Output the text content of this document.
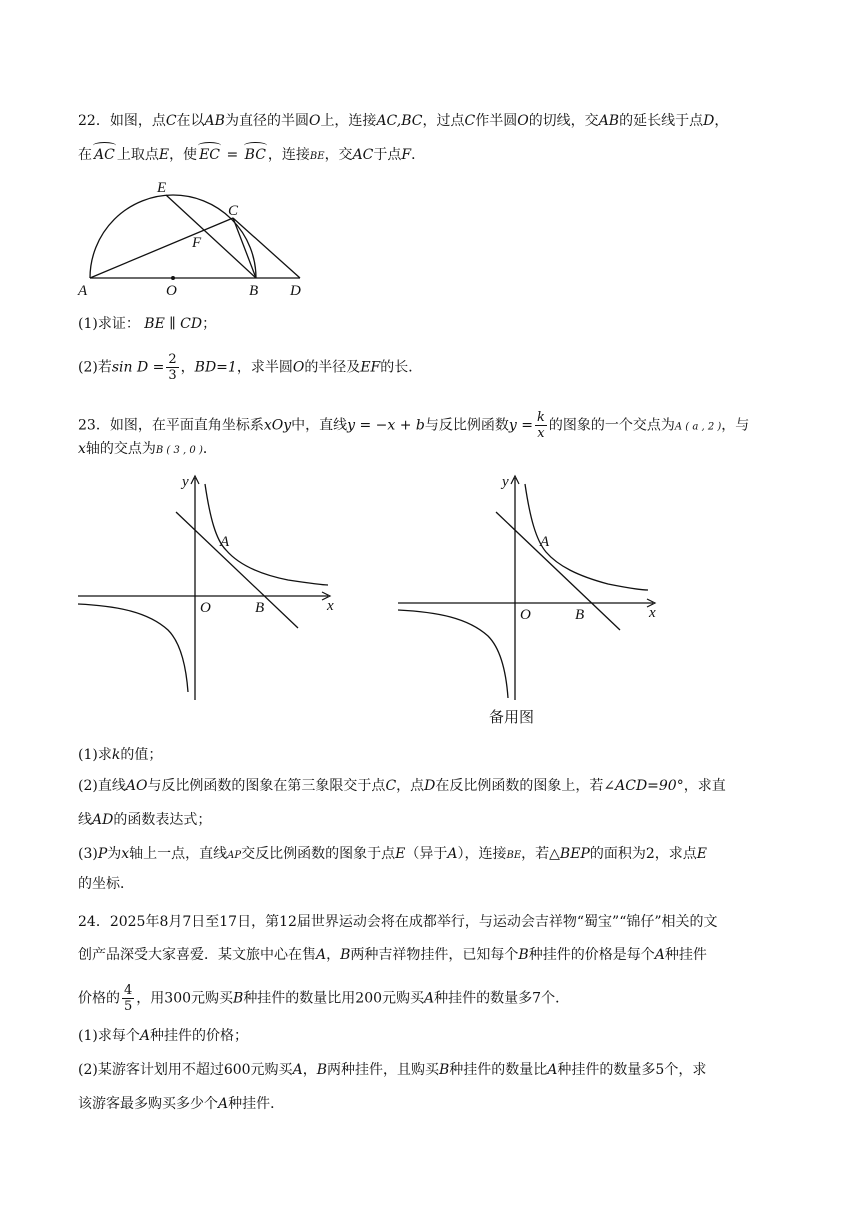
22．如图，点C在以AB为直径的半圆O上，连接AC,BC，过点C作半圆O的切线，交AB的延长线于点D，
在 AC 上取点E，使 EC = BC ，连接BE，交AC于点F．
A	O	B D
C
E
F
(1)求证： BE ∥ CD；
(2)若$\sin D = \frac{2}{3}$ ，BD=1，求半圆O的半径及EF的长．
23．如图，在平面直角坐标系xOy中，直线y = −x + b与反比例函数$y = \frac{k}{x}$ 的图象的一个交点为A ( a , 2 )，与
x轴的交点为B ( 3 , 0 )．
y
x
O
A
B
y
x
O
A
B
备用图
(1)求k的值；
(2)直线AO与反比例函数的图象在第三象限交于点C，点D在反比例函数的图象上，若∠ACD=90°，求直
线AD的函数表达式；
(3)P为x轴上一点，直线AP交反比例函数的图象于点E（异于A），连接BE，若△BEP的面积为2，求点E
的坐标．
24．2025年8月7日至17日，第12届世界运动会将在成都举行，与运动会吉祥物“蜀宝”“锦仔”相关的文
创产品深受大家喜爱．某文旅中心在售A，B两种吉祥物挂件，已知每个B种挂件的价格是每个A种挂件
价格的 $\frac{4}{5}$ ，用300元购买B种挂件的数量比用200元购买A种挂件的数量多7个．
(1)求每个A种挂件的价格；
(2)某游客计划用不超过600元购买A，B两种挂件，且购买B种挂件的数量比A种挂件的数量多5个，求
该游客最多购买多少个A种挂件．
